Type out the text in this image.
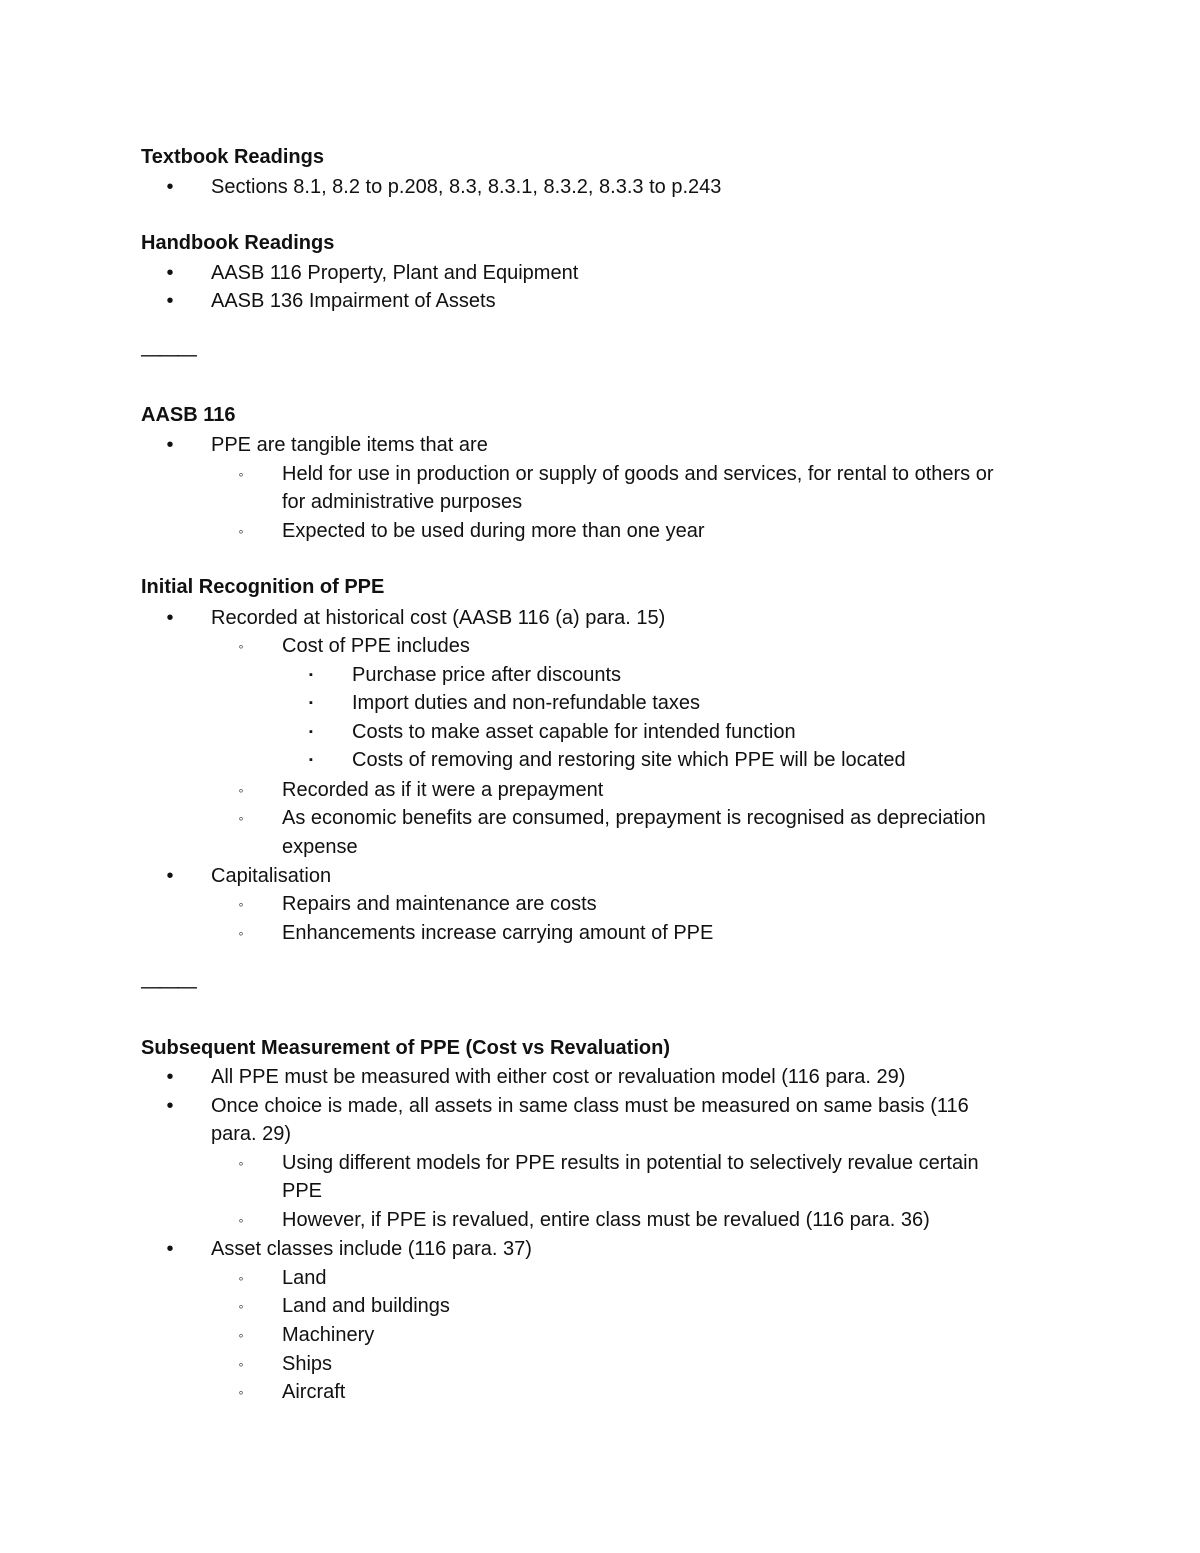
Textbook Readings
Sections 8.1, 8.2 to p.208, 8.3, 8.3.1, 8.3.2, 8.3.3 to p.243
•
Handbook Readings
AASB 116 Property, Plant and Equipment
•
AASB 136 Impairment of Assets
•
———
AASB 116
PPE are tangible items that are
•
Held for use in production or supply of goods and services, for rental to others or
◦
for administrative purposes
Expected to be used during more than one year
◦
Initial Recognition of PPE
Recorded at historical cost (AASB 116 (a) para. 15)
•
Cost of PPE includes
◦
Purchase price after discounts
▪
Import duties and non-refundable taxes
▪
Costs to make asset capable for intended function
▪
Costs of removing and restoring site which PPE will be located
▪
Recorded as if it were a prepayment
◦
As economic benefits are consumed, prepayment is recognised as depreciation
◦
expense
Capitalisation
•
Repairs and maintenance are costs
◦
Enhancements increase carrying amount of PPE
◦
———
Subsequent Measurement of PPE (Cost vs Revaluation)
All PPE must be measured with either cost or revaluation model (116 para. 29)
•
Once choice is made, all assets in same class must be measured on same basis (116
•
para. 29)
Using different models for PPE results in potential to selectively revalue certain
◦
PPE
However, if PPE is revalued, entire class must be revalued (116 para. 36)
◦
Asset classes include (116 para. 37)
•
Land
◦
Land and buildings
◦
Machinery
◦
Ships
◦
Aircraft
◦
